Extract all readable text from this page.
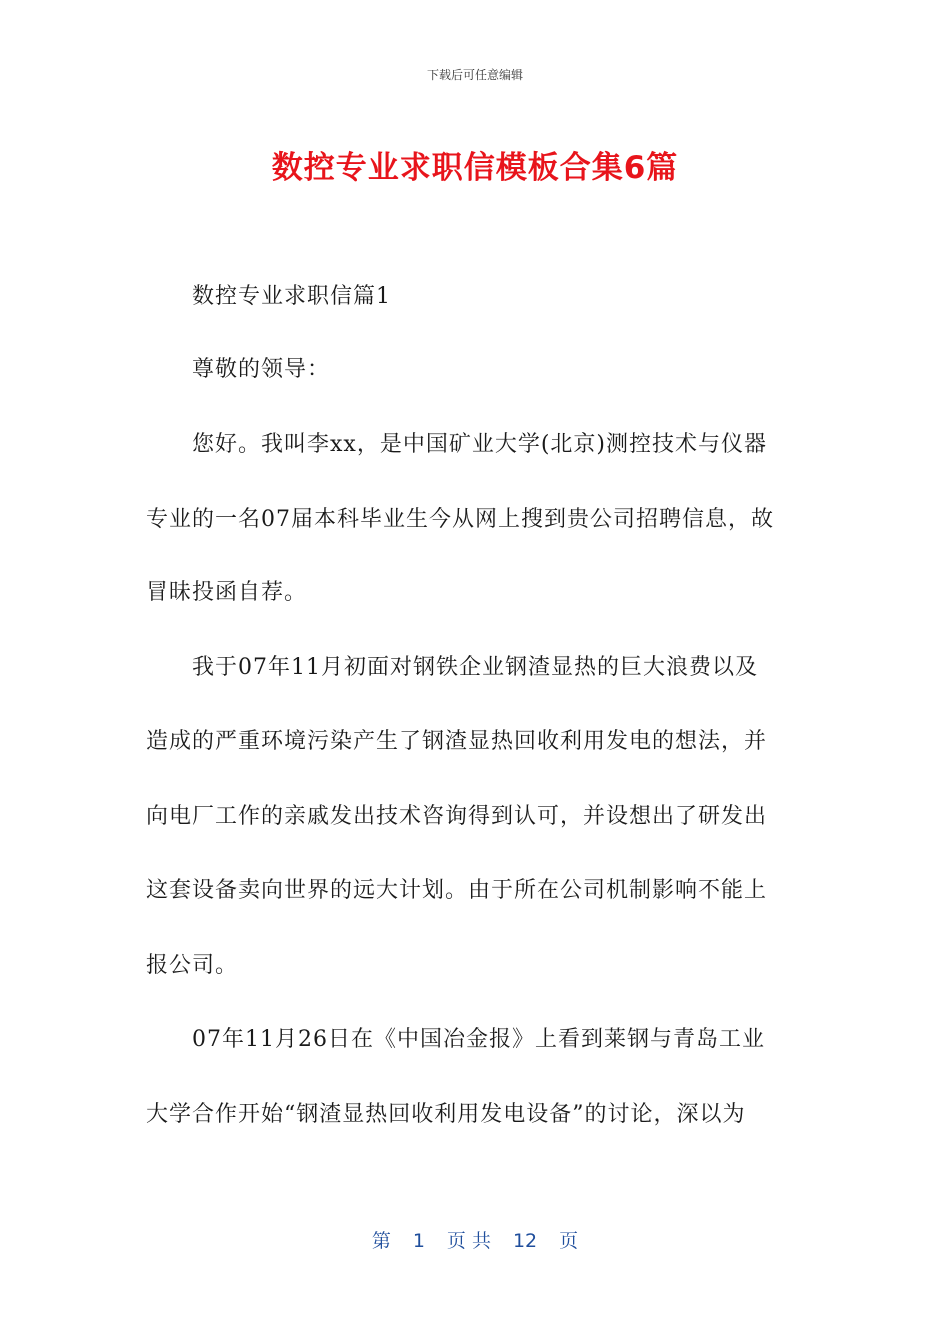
下载后可任意编辑
数控专业求职信模板合集6篇
数控专业求职信篇1
尊敬的领导：
您好。我叫李xx，是中国矿业大学(北京)测控技术与仪器
专业的一名07届本科毕业生今从网上搜到贵公司招聘信息，故
冒昧投函自荐。
我于07年11月初面对钢铁企业钢渣显热的巨大浪费以及
造成的严重环境污染产生了钢渣显热回收利用发电的想法，并
向电厂工作的亲戚发出技术咨询得到认可，并设想出了研发出
这套设备卖向世界的远大计划。由于所在公司机制影响不能上
报公司。
07年11月26日在《中国冶金报》上看到莱钢与青岛工业
大学合作开始“钢渣显热回收利用发电设备”的讨论，深以为
第 1 页 共 12 页
